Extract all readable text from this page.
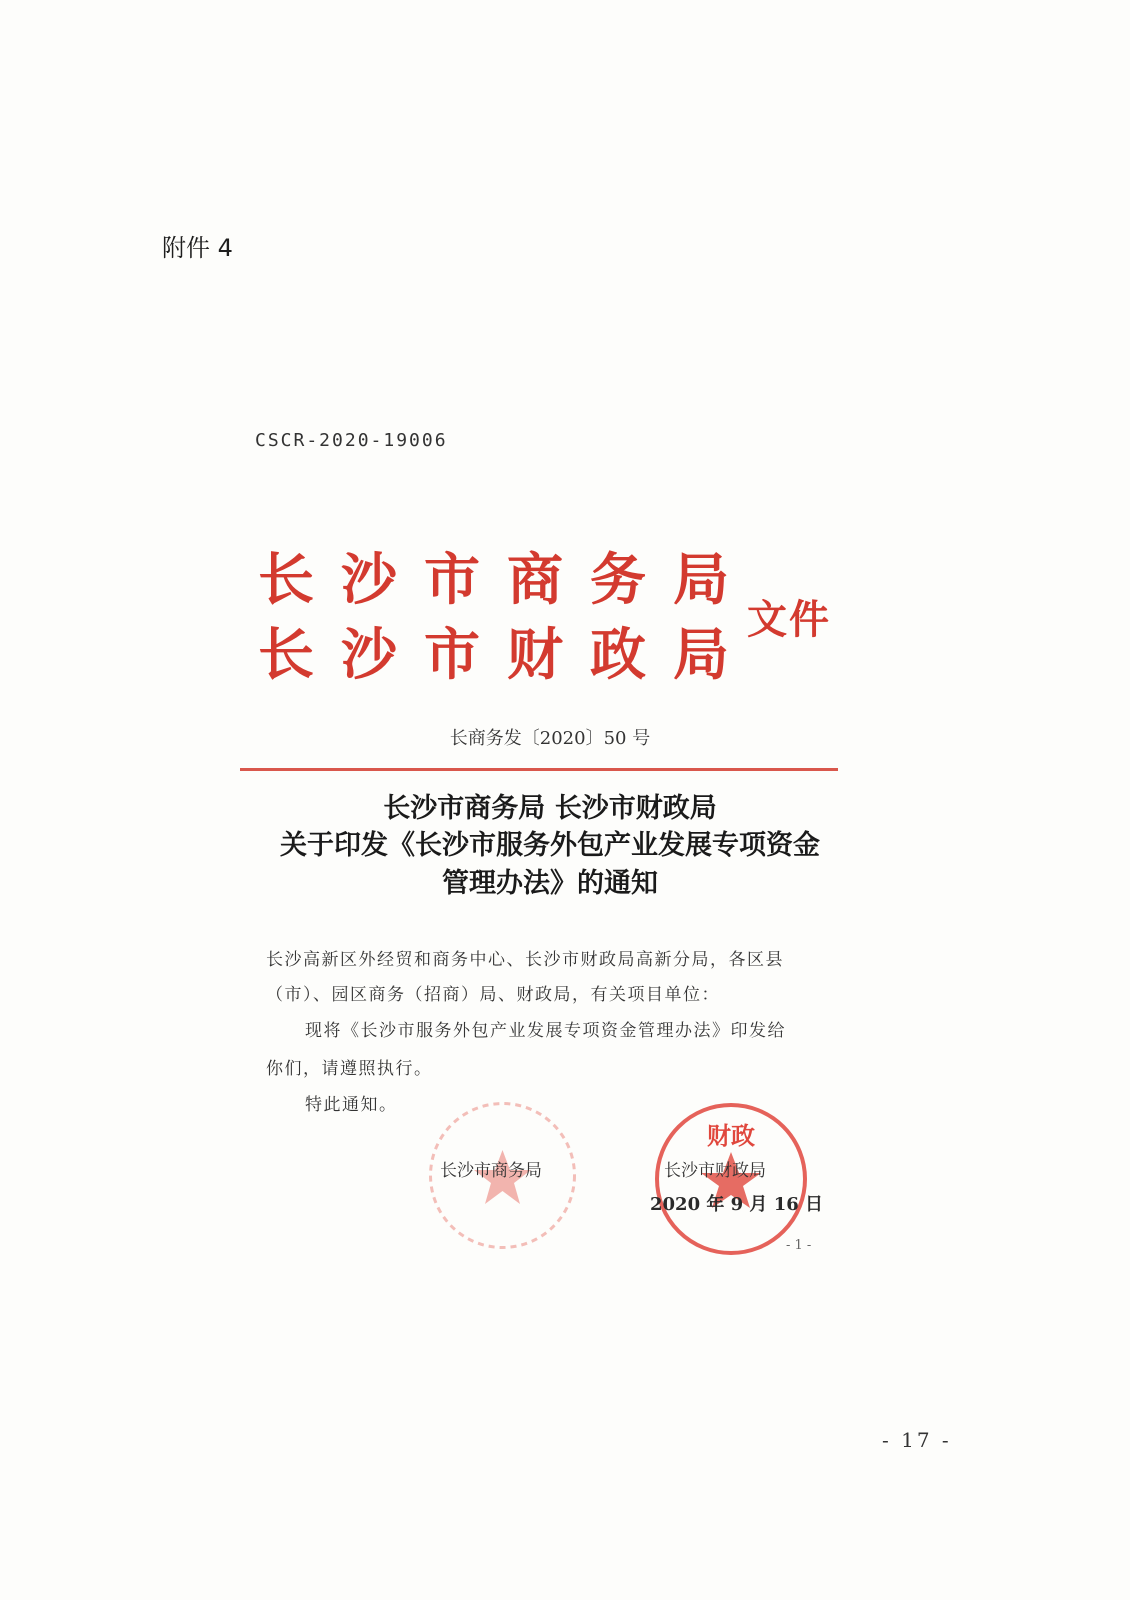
附件 4
CSCR-2020-19006
长沙市商务局
长沙市财政局
文件
长商务发〔2020〕50 号
长沙市商务局 长沙市财政局
关于印发《长沙市服务外包产业发展专项资金
管理办法》的通知
长沙高新区外经贸和商务中心、长沙市财政局高新分局，各区县
（市）、园区商务（招商）局、财政局，有关项目单位：
现将《长沙市服务外包产业发展专项资金管理办法》印发给
你们，请遵照执行。
特此通知。
财政
长沙市商务局	长沙市财政局
2020 年 9 月 16 日
- 1 -
- 17 -
